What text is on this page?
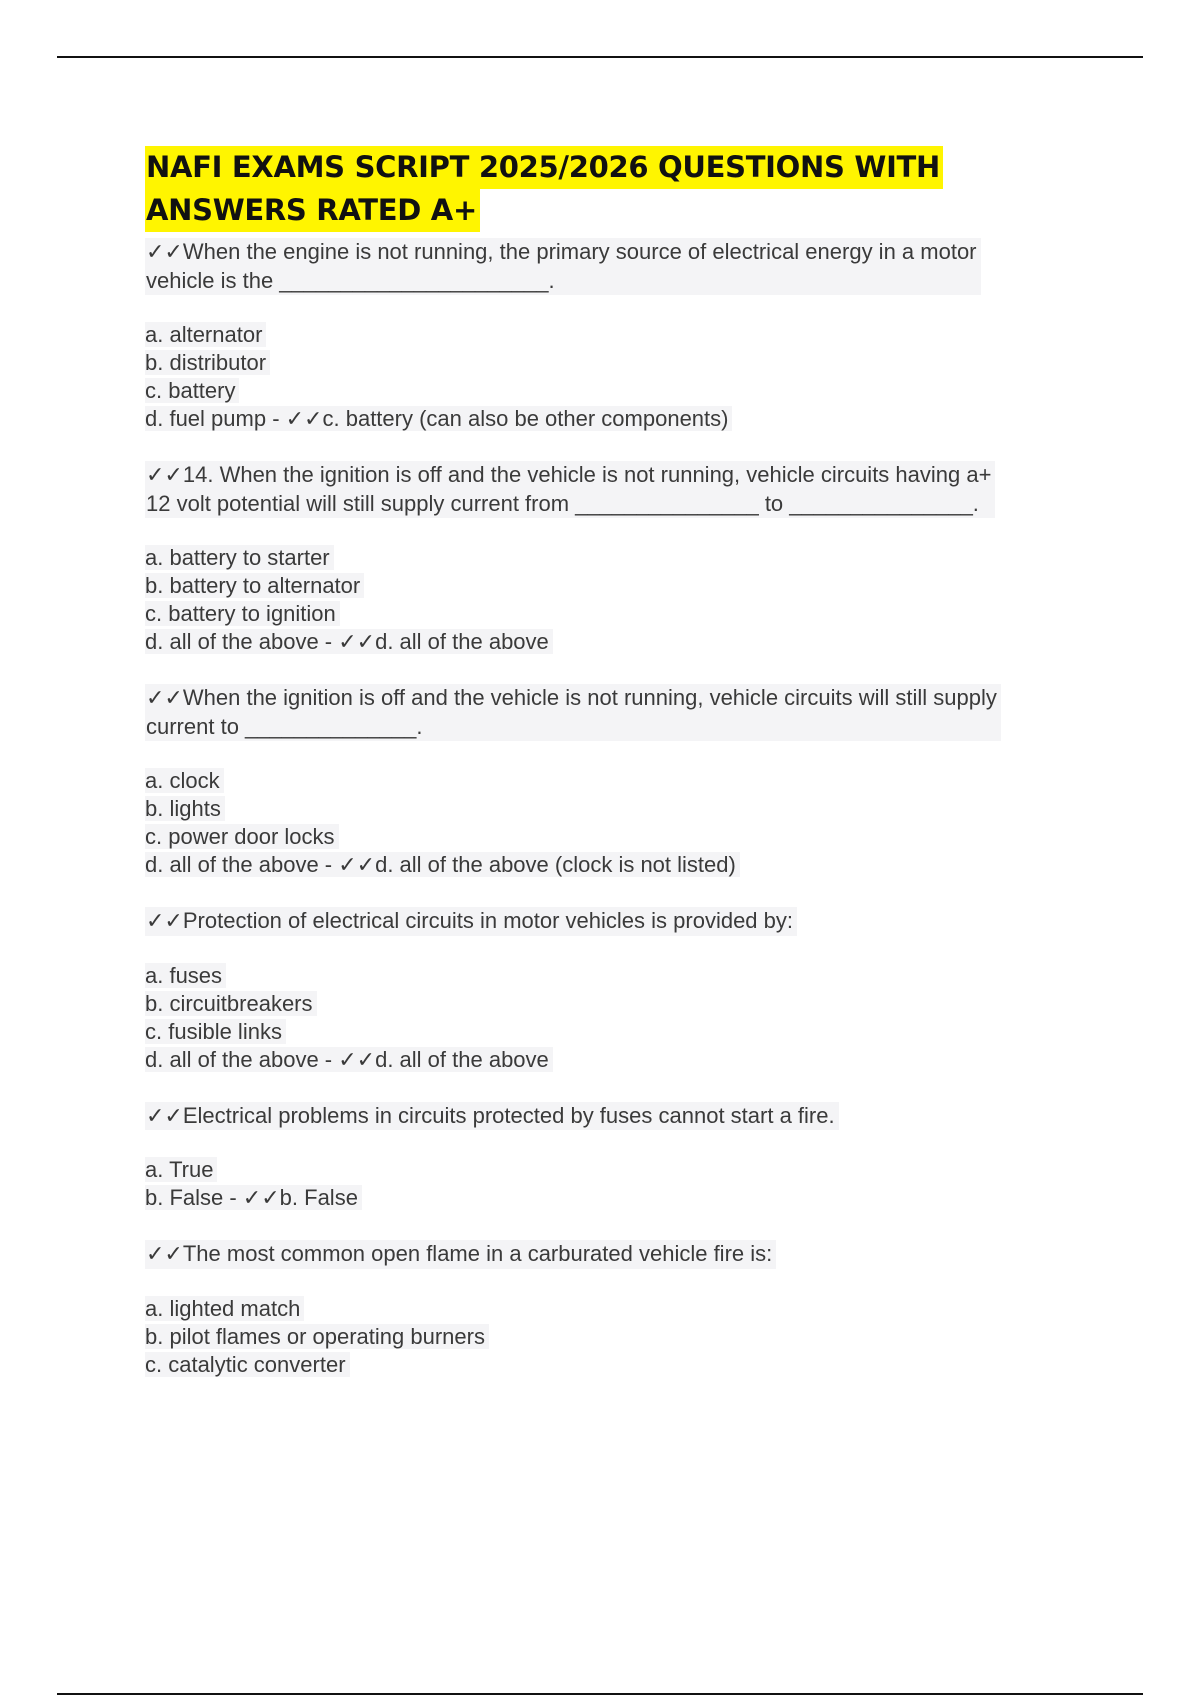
NAFI EXAMS SCRIPT 2025/2026 QUESTIONS WITH
ANSWERS RATED A+
✓✓When the engine is not running, the primary source of electrical energy in a motor
vehicle is the ______________________.
a. alternator
b. distributor
c. battery
d. fuel pump - ✓✓c. battery (can also be other components)
✓✓14. When the ignition is off and the vehicle is not running, vehicle circuits having a+
12 volt potential will still supply current from _______________ to _______________.
a. battery to starter
b. battery to alternator
c. battery to ignition
d. all of the above - ✓✓d. all of the above
✓✓When the ignition is off and the vehicle is not running, vehicle circuits will still supply
current to ______________.
a. clock
b. lights
c. power door locks
d. all of the above - ✓✓d. all of the above (clock is not listed)
✓✓Protection of electrical circuits in motor vehicles is provided by:
a. fuses
b. circuitbreakers
c. fusible links
d. all of the above - ✓✓d. all of the above
✓✓Electrical problems in circuits protected by fuses cannot start a fire.
a. True
b. False - ✓✓b. False
✓✓The most common open flame in a carburated vehicle fire is:
a. lighted match
b. pilot flames or operating burners
c. catalytic converter
